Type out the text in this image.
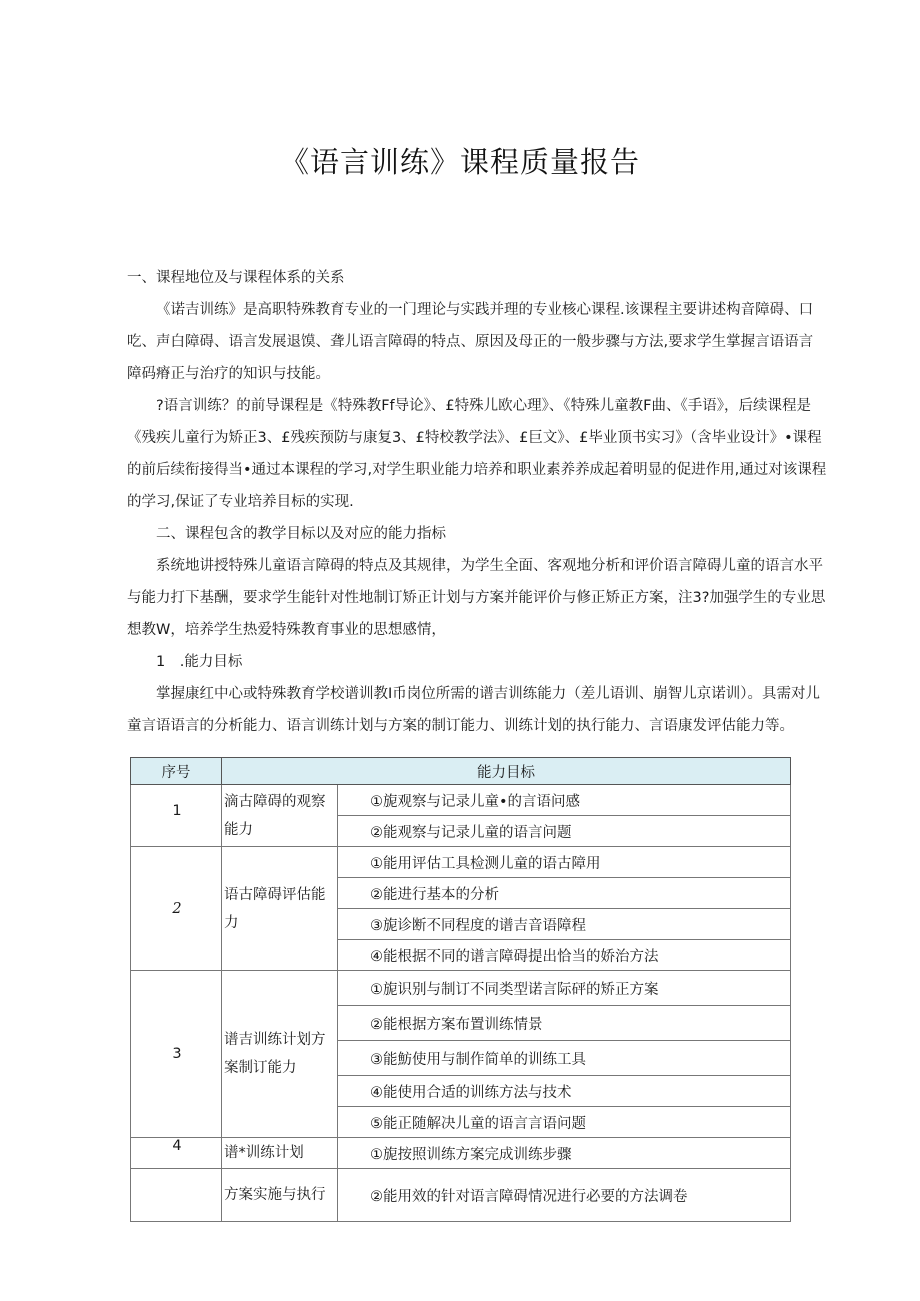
《语言训练》课程质量报告

一、课程地位及与课程体系的关系

《诺吉训练》是高职特殊教育专业的一门理论与实践并理的专业核心课程.该课程主要讲述构音障碍、口吃、声白障碍、语言发展退馍、聋儿语言障碍的特点、原因及母正的一般步骤与方法,要求学生掌握言语语言障码瘠正与治疗的知识与技能。

?语言训练？的前导课程是《特殊教Ff导论》、£特殊儿欧心理》、《特殊儿童教F曲、《手语》，后续课程是《残疾儿童行为矫正3、£残疾预防与康复3、£特校教学法》、£巨文》、£毕业顶书实习》（含毕业设计》•课程的前后续衔接得当•通过本课程的学习,对学生职业能力培养和职业素养养成起着明显的促进作用,通过对该课程的学习,保证了专业培养目标的实现.

二、课程包含的教学目标以及对应的能力指标

系统地讲授特殊儿童语言障碍的特点及其规律，为学生全面、客观地分析和评价语言障碍儿童的语言水平与能力打下基酬，要求学生能针对性地制订矫正计划与方案并能评价与修正矫正方案，注3?加强学生的专业思想教W，培养学生热爱特殊教育事业的思想感情，

1　.能力目标

掌握康红中心或特殊教育学校谱训教I币岗位所需的谱吉训练能力（差儿语训、崩智儿京诺训）。具需对儿童言语语言的分析能力、语言训练计划与方案的制订能力、训练计划的执行能力、言语康发评估能力等。

序号	能力目标	
1	滴古障碍的观察能力	①旎观察与记录儿童•的言语问感
		②能观察与记录儿童的语言问题
2	语古障碍评估能力	①能用评估工具检测儿童的语古障用
		②能进行基本的分析
		③旎诊断不同程度的谱吉音语障程
		④能根据不同的谱言障碍提出恰当的娇治方法
3	谱吉训练计划方案制订能力	①旎识别与制订不同类型诺言际砰的矫正方案
		②能根据方案布置训练情景
		③能魴使用与制作简单的训练工具
		④能使用合适的训练方法与技术
		⑤能正随解决儿童的语言言语问题
4	谱*训练计划	①旎按照训练方案完成训练步骤
	方案实施与执行	②能用效的针对语言障碍情况进行必要的方法调卷
